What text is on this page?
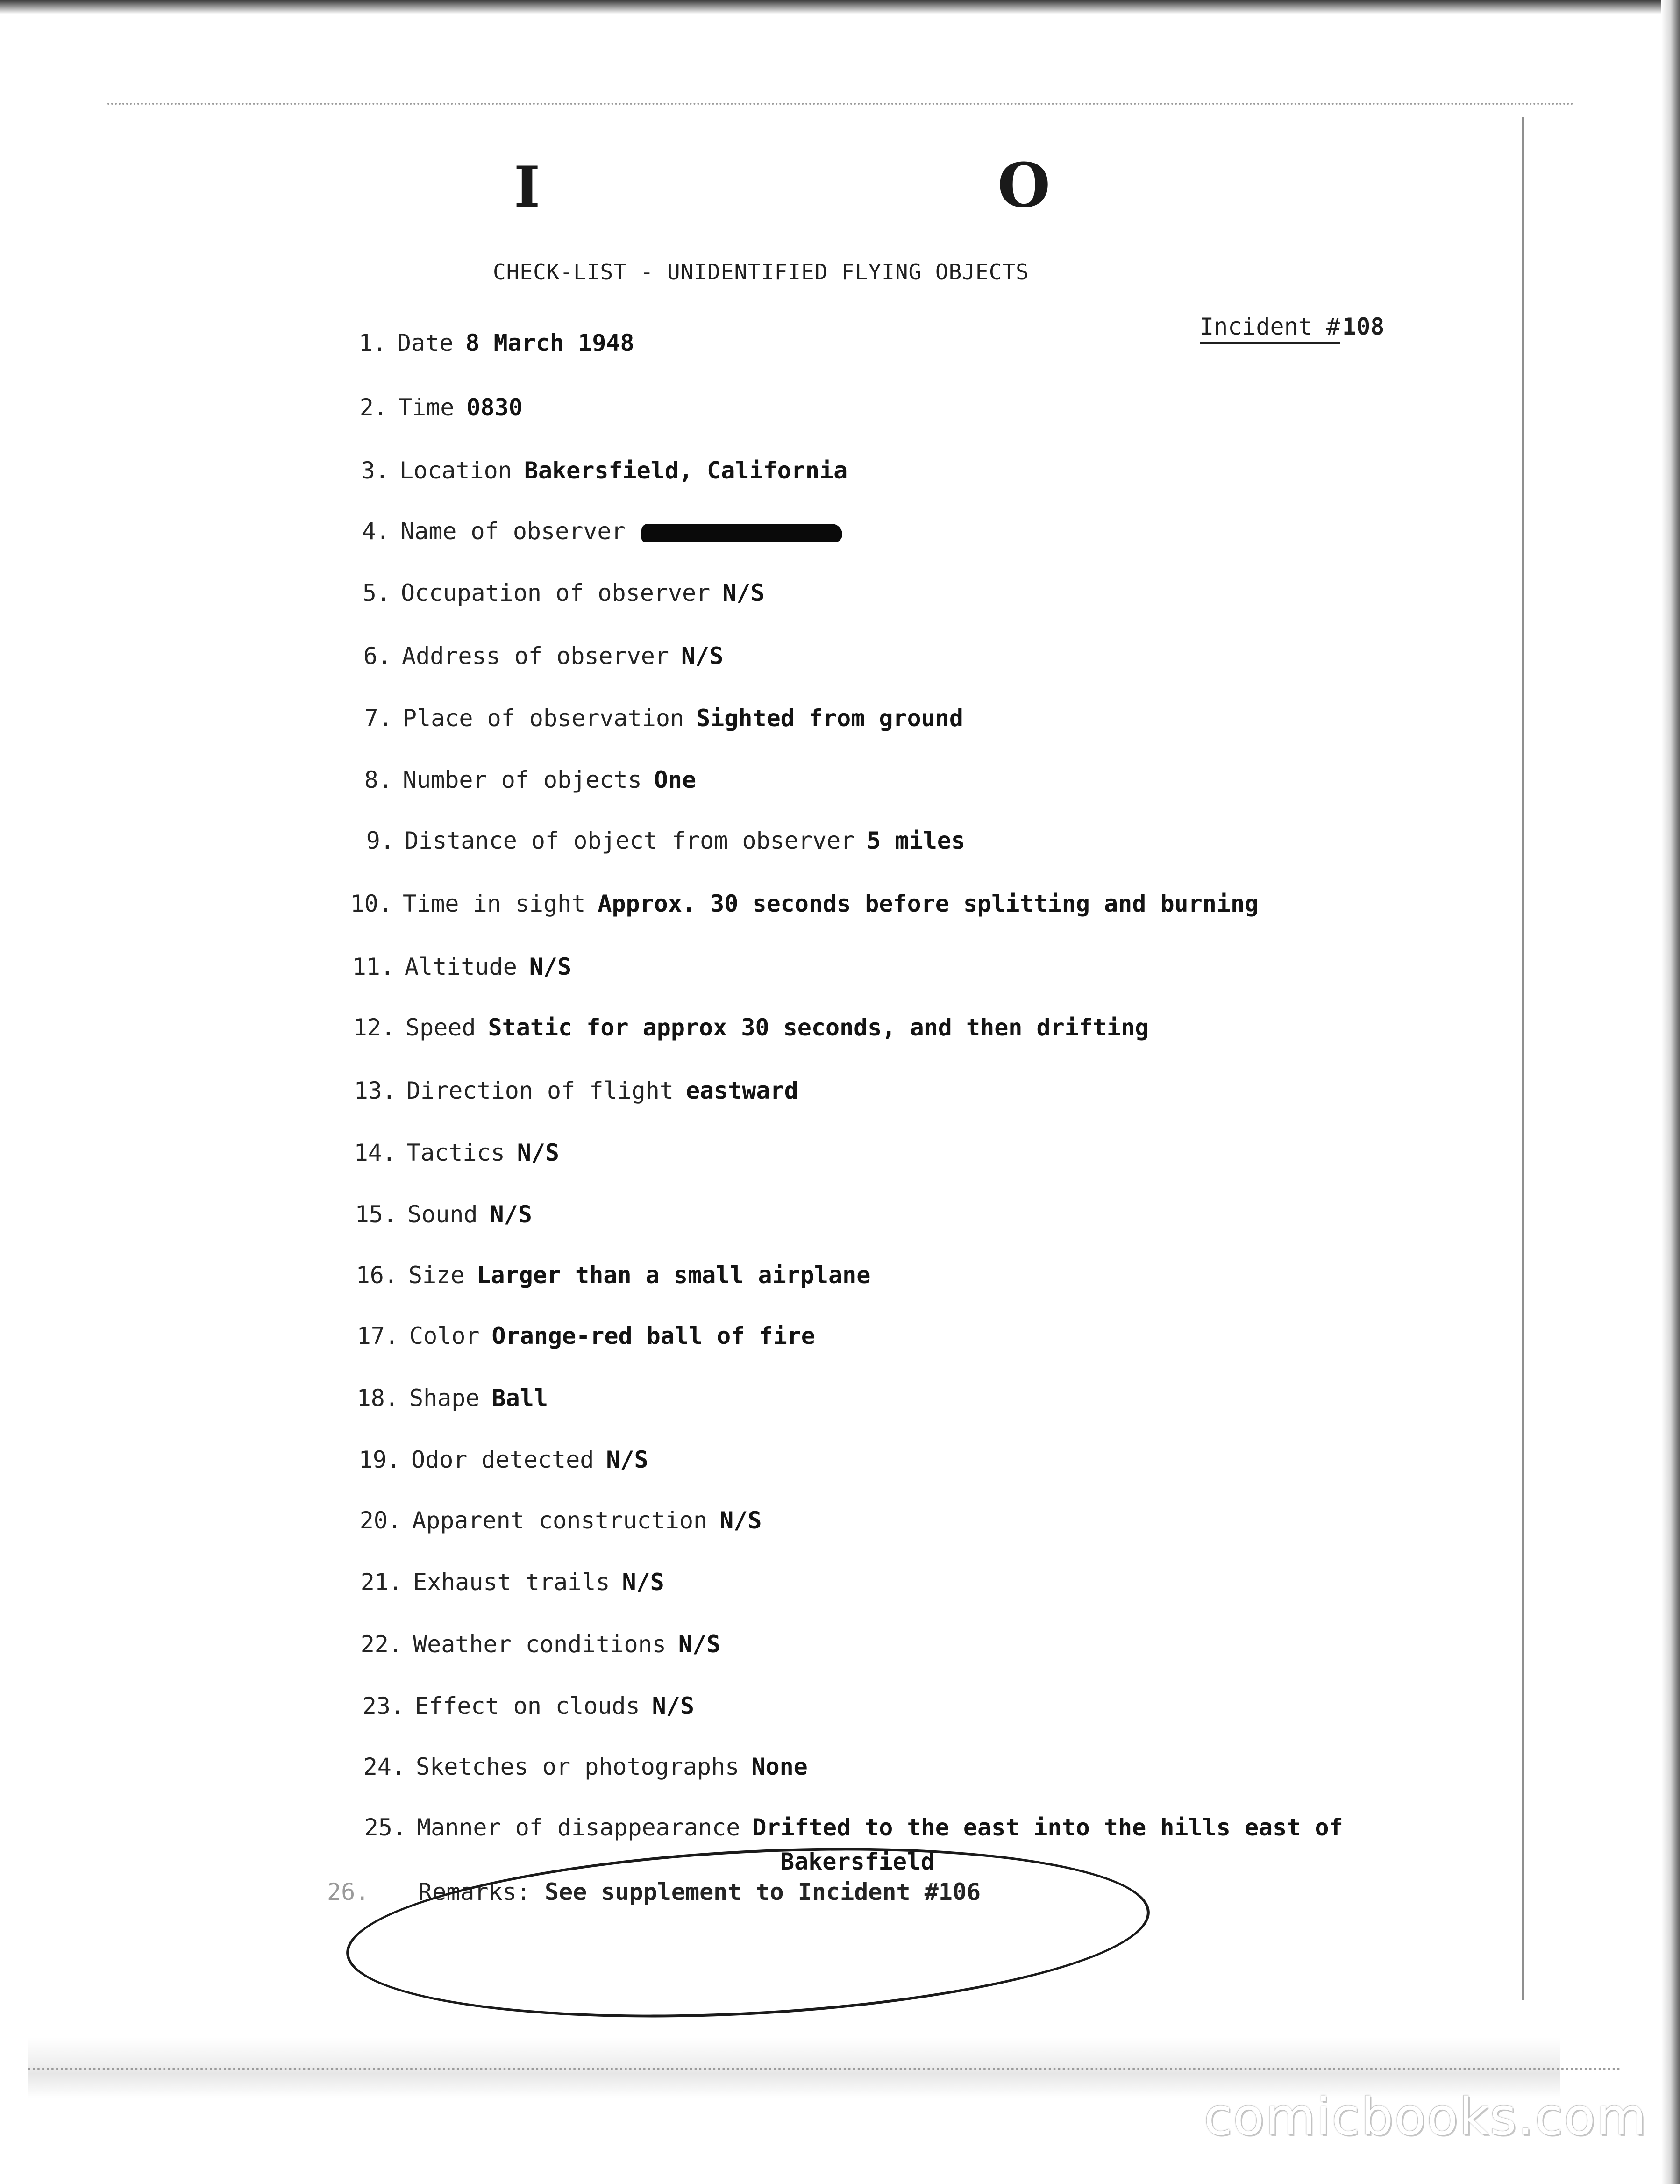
I	O
CHECK-LIST - UNIDENTIFIED FLYING OBJECTS
Incident #108
1. Date 8 March 1948
2. Time 0830
3. Location Bakersfield, California
4. Name of observer
5. Occupation of observer N/S
6. Address of observer N/S
7. Place of observation Sighted from ground
8. Number of objects One
9. Distance of object from observer 5 miles
10. Time in sight Approx. 30 seconds before splitting and burning
11. Altitude N/S
12. Speed Static for approx 30 seconds, and then drifting
13. Direction of flight eastward
14. Tactics N/S
15. Sound N/S
16. Size Larger than a small airplane
17. Color Orange-red ball of fire
18. Shape Ball
19. Odor detected N/S
20. Apparent construction N/S
21. Exhaust trails N/S
22. Weather conditions N/S
23. Effect on clouds N/S
24. Sketches or photographs None
25. Manner of disappearance Drifted to the east into the hills east of
Bakersfield
26. Remarks: See supplement to Incident #106
comicbooks.com
